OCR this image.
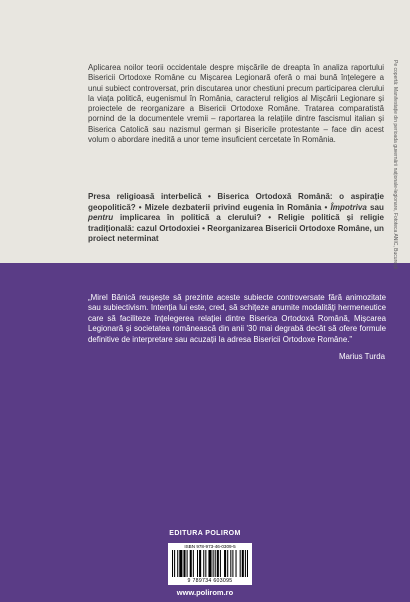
Aplicarea noilor teorii occidentale despre mișcările de dreapta în analiza raportului Bisericii Ortodoxe Române cu Mișcarea Legionară oferă o mai bună înțelegere a unui subiect controversat, prin discutarea unor chestiuni precum participarea clerului la viața politică, eugenismul în România, caracterul religios al Mișcării Legionare și proiectele de reorganizare a Bisericii Ortodoxe Române. Tratarea comparatistă pornind de la documentele vremii – raportarea la relațiile dintre fascismul italian și Biserica Catolică sau nazismul german și Bisericile protestante – face din acest volum o abordare inedită a unor teme insuficient cercetate în România.

Presa religioasă interbelică • Biserica Ortodoxă Română: o aspirație geopolitică? • Mizele dezbaterii privind eugenia în România • Împotriva sau pentru implicarea în politică a clerului? • Religie politică și religie tradițională: cazul Ortodoxiei • Reorganizarea Bisericii Ortodoxe Române, un proiect neterminat	Pe copertă: Manifestație din perioada guvernării naționale-legionare, Fototeca ANIC, București

„Mirel Bănică reușește să prezinte aceste subiecte controversate fără animozitate sau subiectivism. Intenția lui este, cred, să schițeze anumite modalități hermeneutice care să faciliteze înțelegerea relației dintre Biserica Ortodoxă Română, Mișcarea Legionară și societatea românească din anii '30 mai degrabă decât să ofere formule definitive de interpretare sau acuzații la adresa Bisericii Ortodoxe Române.”

Marius Turda
EDITURA POLIROM
ISBN 978-973-46-0309-5
9 789734 603095
www.polirom.ro
